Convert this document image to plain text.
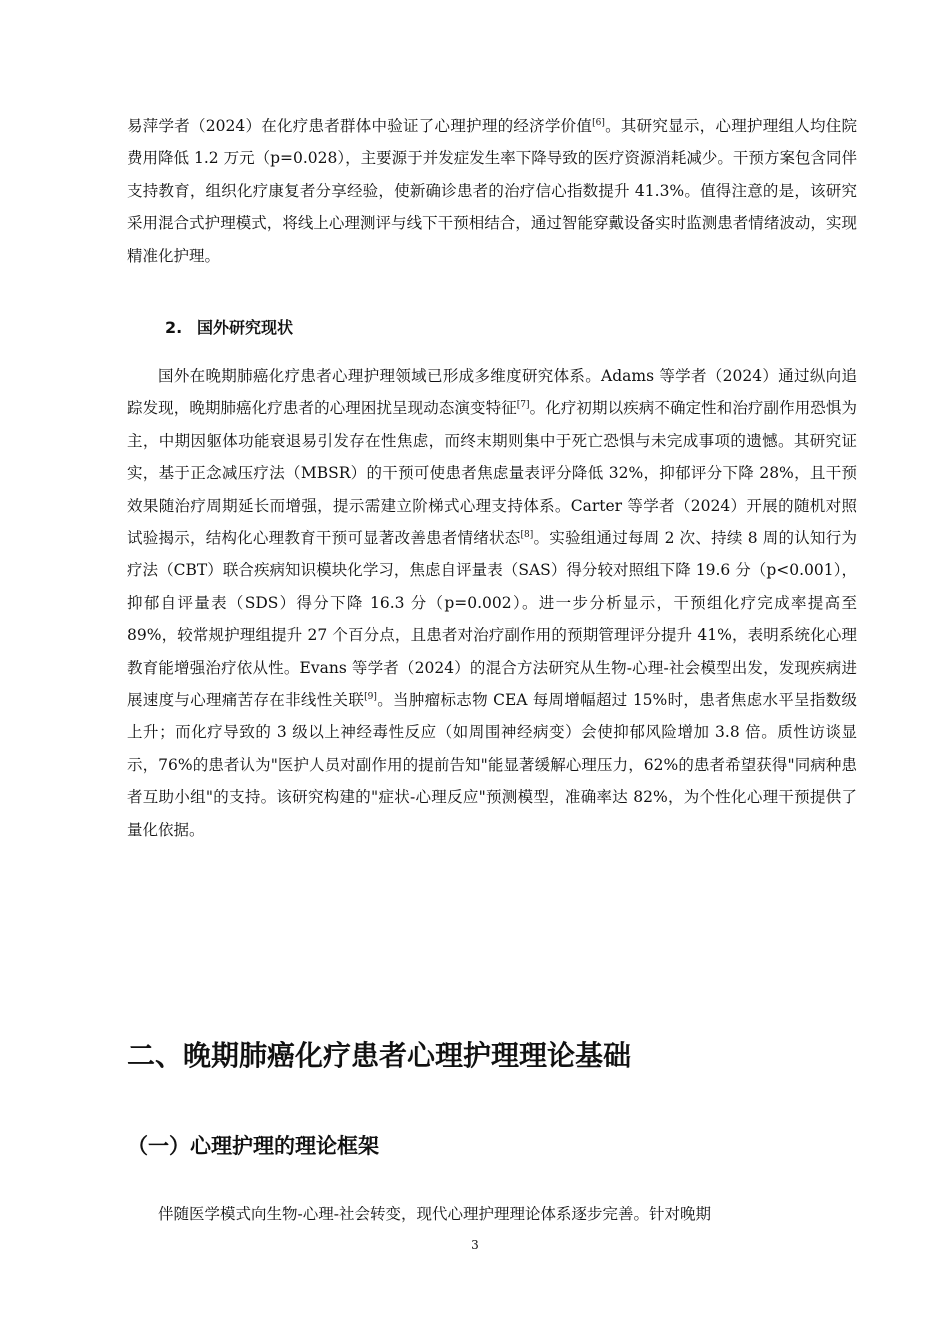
易萍学者（2024）在化疗患者群体中验证了心理护理的经济学价值[6]。其研究显示，心理护理组人均住院费用降低 1.2 万元（p=0.028），主要源于并发症发生率下降导致的医疗资源消耗减少。干预方案包含同伴支持教育，组织化疗康复者分享经验，使新确诊患者的治疗信心指数提升 41.3%。值得注意的是，该研究采用混合式护理模式，将线上心理测评与线下干预相结合，通过智能穿戴设备实时监测患者情绪波动，实现精准化护理。

2. 国外研究现状

国外在晚期肺癌化疗患者心理护理领域已形成多维度研究体系。Adams 等学者（2024）通过纵向追踪发现，晚期肺癌化疗患者的心理困扰呈现动态演变特征[7]。化疗初期以疾病不确定性和治疗副作用恐惧为主，中期因躯体功能衰退易引发存在性焦虑，而终末期则集中于死亡恐惧与未完成事项的遗憾。其研究证实，基于正念减压疗法（MBSR）的干预可使患者焦虑量表评分降低 32%，抑郁评分下降 28%，且干预效果随治疗周期延长而增强，提示需建立阶梯式心理支持体系。Carter 等学者（2024）开展的随机对照试验揭示，结构化心理教育干预可显著改善患者情绪状态[8]。实验组通过每周 2 次、持续 8 周的认知行为疗法（CBT）联合疾病知识模块化学习，焦虑自评量表（SAS）得分较对照组下降 19.6 分（p<0.001），抑郁自评量表（SDS）得分下降 16.3 分（p=0.002）。进一步分析显示，干预组化疗完成率提高至 89%，较常规护理组提升 27 个百分点，且患者对治疗副作用的预期管理评分提升 41%，表明系统化心理教育能增强治疗依从性。Evans 等学者（2024）的混合方法研究从生物-心理-社会模型出发，发现疾病进展速度与心理痛苦存在非线性关联[9]。当肿瘤标志物 CEA 每周增幅超过 15%时，患者焦虑水平呈指数级上升；而化疗导致的 3 级以上神经毒性反应（如周围神经病变）会使抑郁风险增加 3.8 倍。质性访谈显示，76%的患者认为"医护人员对副作用的提前告知"能显著缓解心理压力，62%的患者希望获得"同病种患者互助小组"的支持。该研究构建的"症状-心理反应"预测模型，准确率达 82%，为个性化心理干预提供了量化依据。

二、晚期肺癌化疗患者心理护理理论基础
（一）心理护理的理论框架

伴随医学模式向生物-心理-社会转变，现代心理护理理论体系逐步完善。针对晚期

3
